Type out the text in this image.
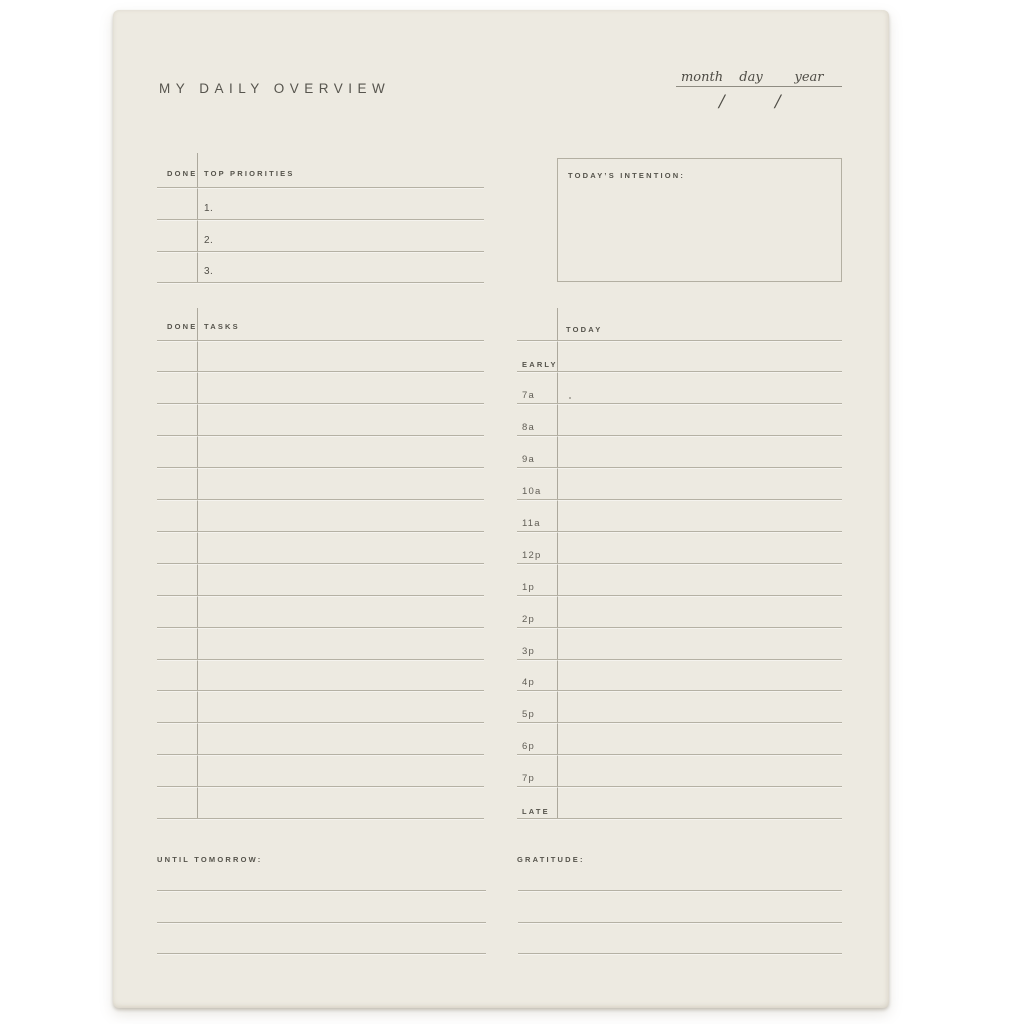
MY DAILY OVERVIEW
month day year
/	/
DONE TOP PRIORITIES
1.
2.
3.
TODAY’S INTENTION:
DONE TASKS	TODAY
EARLY
7a
8a
9a
10a
11a
12p
1p
2p
3p
4p
5p
6p
7p
LATE
UNTIL TOMORROW:	GRATITUDE:
